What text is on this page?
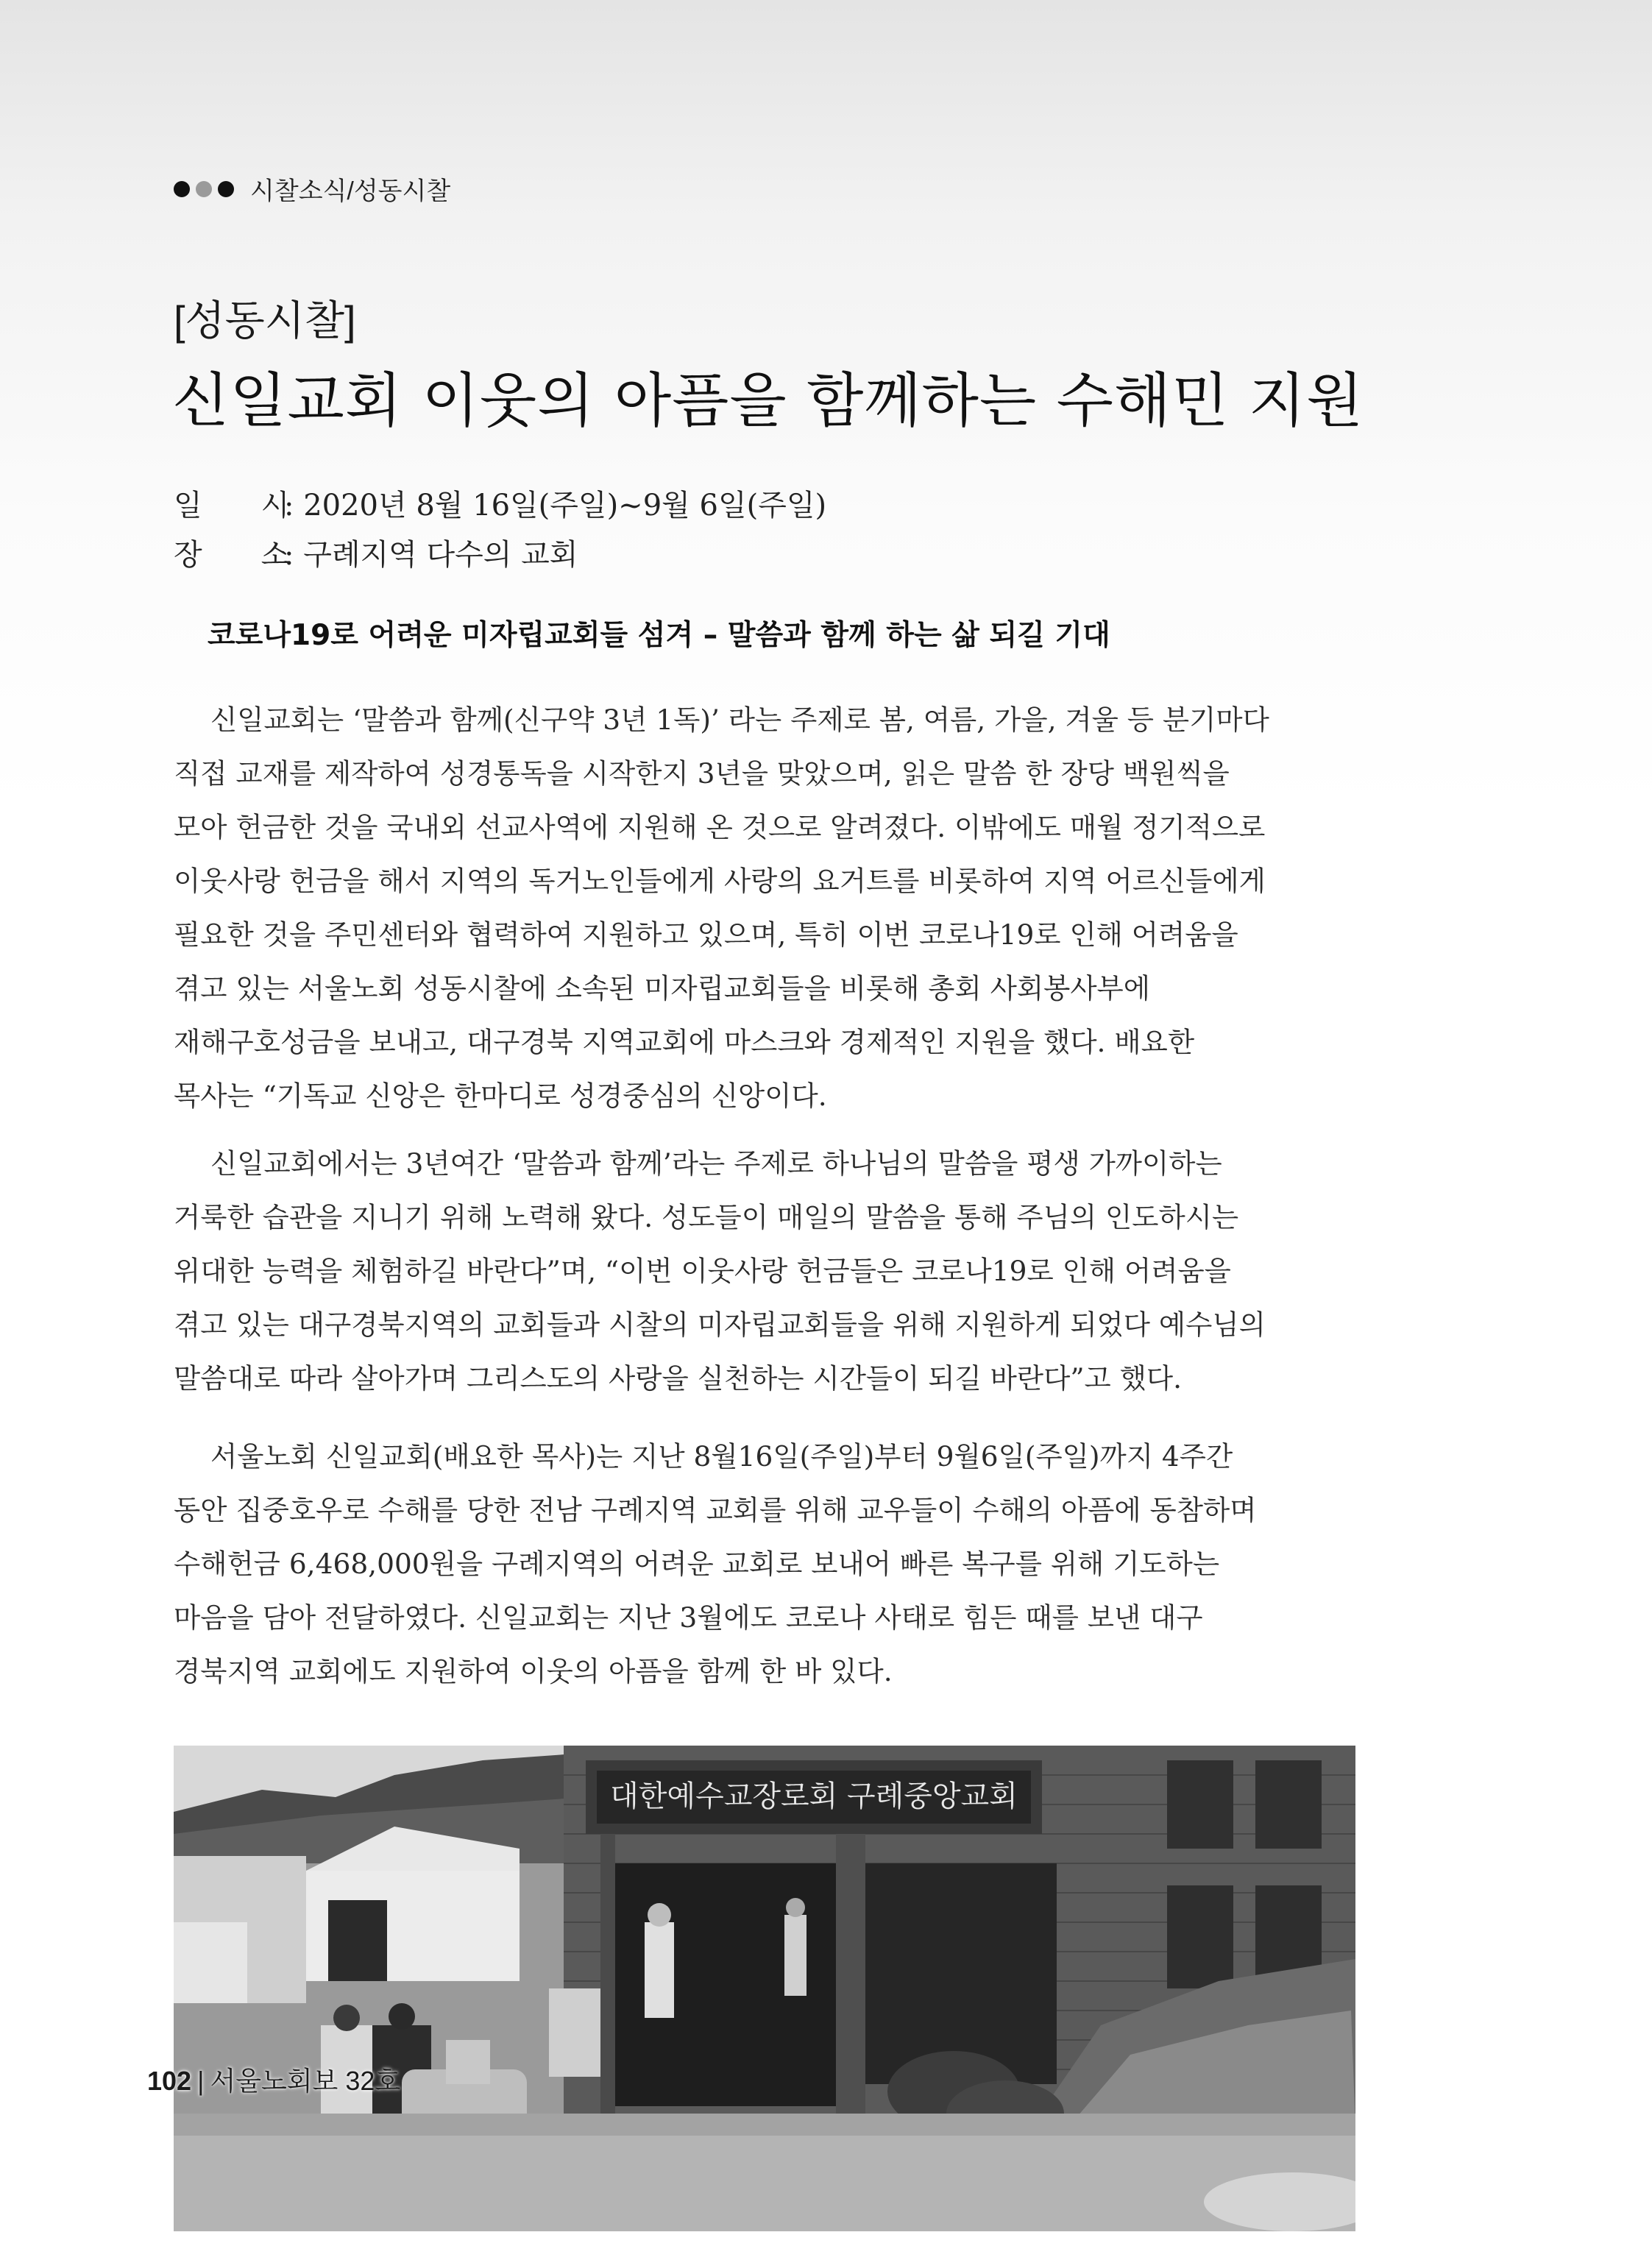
시찰소식/성동시찰
[성동시찰]
신일교회 이웃의 아픔을 함께하는 수해민 지원
일　　시: 2020년 8월 16일(주일)~9월 6일(주일)
장　　소: 구례지역 다수의 교회
코로나19로 어려운 미자립교회들 섬겨 – 말씀과 함께 하는 삶 되길 기대
신일교회는 ‘말씀과 함께(신구약 3년 1독)’ 라는 주제로 봄, 여름, 가을, 겨울 등 분기마다
직접 교재를 제작하여 성경통독을 시작한지 3년을 맞았으며, 읽은 말씀 한 장당 백원씩을
모아 헌금한 것을 국내외 선교사역에 지원해 온 것으로 알려졌다. 이밖에도 매월 정기적으로
이웃사랑 헌금을 해서 지역의 독거노인들에게 사랑의 요거트를 비롯하여 지역 어르신들에게
필요한 것을 주민센터와 협력하여 지원하고 있으며, 특히 이번 코로나19로 인해 어려움을
겪고 있는 서울노회 성동시찰에 소속된 미자립교회들을 비롯해 총회 사회봉사부에
재해구호성금을 보내고, 대구경북 지역교회에 마스크와 경제적인 지원을 했다. 배요한
목사는 “기독교 신앙은 한마디로 성경중심의 신앙이다.
신일교회에서는 3년여간 ‘말씀과 함께’라는 주제로 하나님의 말씀을 평생 가까이하는
거룩한 습관을 지니기 위해 노력해 왔다. 성도들이 매일의 말씀을 통해 주님의 인도하시는
위대한 능력을 체험하길 바란다”며, “이번 이웃사랑 헌금들은 코로나19로 인해 어려움을
겪고 있는 대구경북지역의 교회들과 시찰의 미자립교회들을 위해 지원하게 되었다 예수님의
말씀대로 따라 살아가며 그리스도의 사랑을 실천하는 시간들이 되길 바란다”고 했다.
서울노회 신일교회(배요한 목사)는 지난 8월16일(주일)부터 9월6일(주일)까지 4주간
동안 집중호우로 수해를 당한 전남 구례지역 교회를 위해 교우들이 수해의 아픔에 동참하며
수해헌금 6,468,000원을 구례지역의 어려운 교회로 보내어 빠른 복구를 위해 기도하는
마음을 담아 전달하였다. 신일교회는 지난 3월에도 코로나 사태로 힘든 때를 보낸 대구
경북지역 교회에도 지원하여 이웃의 아픔을 함께 한 바 있다.
대한예수교장로회 구례중앙교회
102 | 서울노회보 32호
